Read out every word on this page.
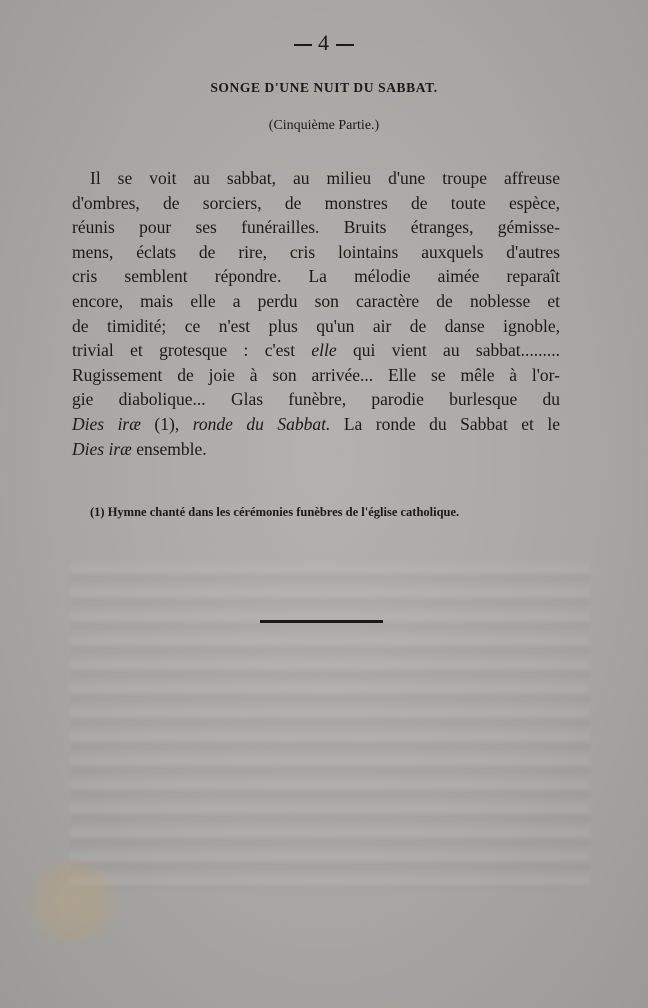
4
SONGE D'UNE NUIT DU SABBAT.
(Cinquième Partie.)
Il se voit au sabbat, au milieu d'une troupe affreuse
d'ombres, de sorciers, de monstres de toute espèce,
réunis pour ses funérailles. Bruits étranges, gémisse-
mens, éclats de rire, cris lointains auxquels d'autres
cris semblent répondre. La mélodie aimée reparaît
encore, mais elle a perdu son caractère de noblesse et
de timidité; ce n'est plus qu'un air de danse ignoble,
trivial et grotesque : c'est elle qui vient au sabbat.........
Rugissement de joie à son arrivée... Elle se mêle à l'or-
gie diabolique... Glas funèbre, parodie burlesque du
Dies iræ (1), ronde du Sabbat. La ronde du Sabbat et le
Dies iræ ensemble.
(1) Hymne chanté dans les cérémonies funèbres de l'église catholique.
